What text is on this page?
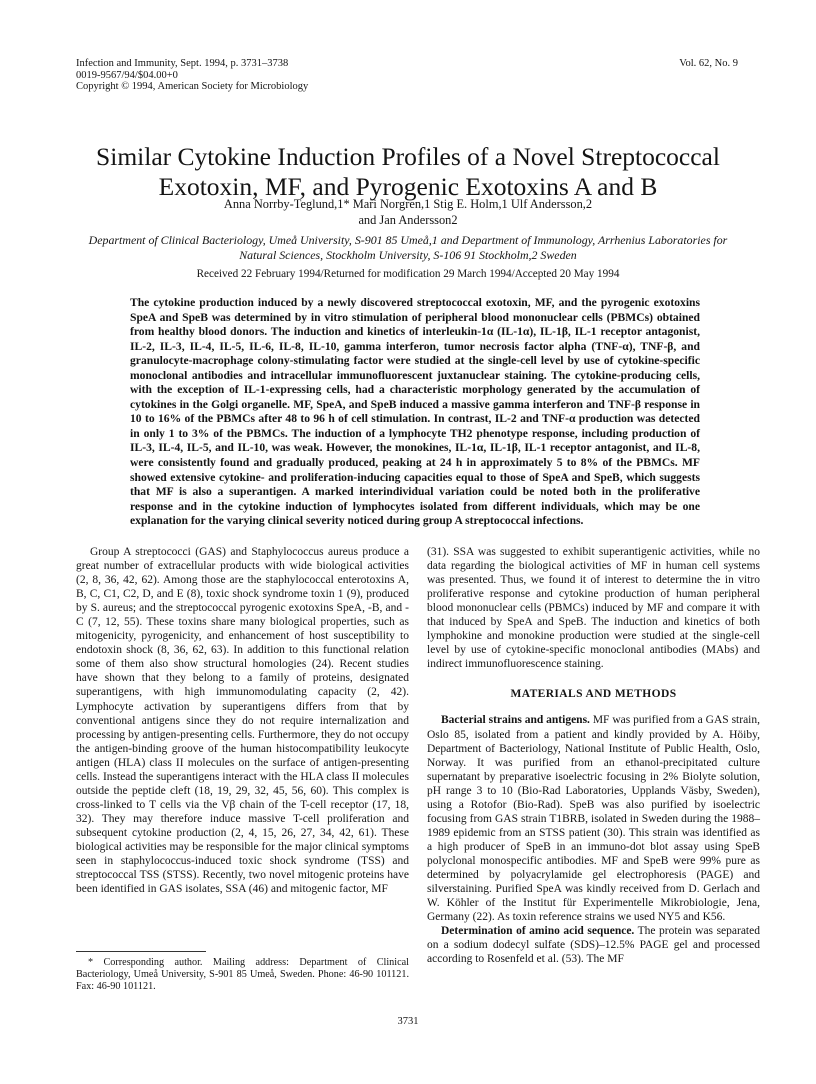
Infection and Immunity, Sept. 1994, p. 3731–3738
0019-9567/94/$04.00+0
Copyright © 1994, American Society for Microbiology
Vol. 62, No. 9
Similar Cytokine Induction Profiles of a Novel Streptococcal Exotoxin, MF, and Pyrogenic Exotoxins A and B
Anna Norrby-Teglund,1* Mari Norgren,1 Stig E. Holm,1 Ulf Andersson,2
and Jan Andersson2
Department of Clinical Bacteriology, Umeå University, S-901 85 Umeå,1 and Department of Immunology, Arrhenius Laboratories for Natural Sciences, Stockholm University, S-106 91 Stockholm,2 Sweden
Received 22 February 1994/Returned for modification 29 March 1994/Accepted 20 May 1994

The cytokine production induced by a newly discovered streptococcal exotoxin, MF, and the pyrogenic exotoxins SpeA and SpeB was determined by in vitro stimulation of peripheral blood mononuclear cells (PBMCs) obtained from healthy blood donors. The induction and kinetics of interleukin-1α (IL-1α), IL-1β, IL-1 receptor antagonist, IL-2, IL-3, IL-4, IL-5, IL-6, IL-8, IL-10, gamma interferon, tumor necrosis factor alpha (TNF-α), TNF-β, and granulocyte-macrophage colony-stimulating factor were studied at the single-cell level by use of cytokine-specific monoclonal antibodies and intracellular immunofluorescent juxtanuclear staining. The cytokine-producing cells, with the exception of IL-1-expressing cells, had a characteristic morphology generated by the accumulation of cytokines in the Golgi organelle. MF, SpeA, and SpeB induced a massive gamma interferon and TNF-β response in 10 to 16% of the PBMCs after 48 to 96 h of cell stimulation. In contrast, IL-2 and TNF-α production was detected in only 1 to 3% of the PBMCs. The induction of a lymphocyte TH2 phenotype response, including production of IL-3, IL-4, IL-5, and IL-10, was weak. However, the monokines, IL-1α, IL-1β, IL-1 receptor antagonist, and IL-8, were consistently found and gradually produced, peaking at 24 h in approximately 5 to 8% of the PBMCs. MF showed extensive cytokine- and proliferation-inducing capacities equal to those of SpeA and SpeB, which suggests that MF is also a superantigen. A marked interindividual variation could be noted both in the proliferative response and in the cytokine induction of lymphocytes isolated from different individuals, which may be one explanation for the varying clinical severity noticed during group A streptococcal infections.

Group A streptococci (GAS) and Staphylococcus aureus produce a great number of extracellular products with wide biological activities (2, 8, 36, 42, 62). Among those are the staphylococcal enterotoxins A, B, C, C1, C2, D, and E (8), toxic shock syndrome toxin 1 (9), produced by S. aureus; and the streptococcal pyrogenic exotoxins SpeA, -B, and -C (7, 12, 55). These toxins share many biological properties, such as mitogenicity, pyrogenicity, and enhancement of host susceptibility to endotoxin shock (8, 36, 62, 63). In addition to this functional relation some of them also show structural homologies (24). Recent studies have shown that they belong to a family of proteins, designated superantigens, with high immunomodulating capacity (2, 42). Lymphocyte activation by superantigens differs from that by conventional antigens since they do not require internalization and processing by antigen-presenting cells. Furthermore, they do not occupy the antigen-binding groove of the human histocompatibility leukocyte antigen (HLA) class II molecules on the surface of antigen-presenting cells. Instead the superantigens interact with the HLA class II molecules outside the peptide cleft (18, 19, 29, 32, 45, 56, 60). This complex is cross-linked to T cells via the Vβ chain of the T-cell receptor (17, 18, 32). They may therefore induce massive T-cell proliferation and subsequent cytokine production (2, 4, 15, 26, 27, 34, 42, 61). These biological activities may be responsible for the major clinical symptoms seen in staphylococcus-induced toxic shock syndrome (TSS) and streptococcal TSS (STSS). Recently, two novel mitogenic proteins have been identified in GAS isolates, SSA (46) and mitogenic factor, MF

(31). SSA was suggested to exhibit superantigenic activities, while no data regarding the biological activities of MF in human cell systems was presented. Thus, we found it of interest to determine the in vitro proliferative response and cytokine production of human peripheral blood mononuclear cells (PBMCs) induced by MF and compare it with that induced by SpeA and SpeB. The induction and kinetics of both lymphokine and monokine production were studied at the single-cell level by use of cytokine-specific monoclonal antibodies (MAbs) and indirect immunofluorescence staining.

MATERIALS AND METHODS

Bacterial strains and antigens. MF was purified from a GAS strain, Oslo 85, isolated from a patient and kindly provided by A. Höiby, Department of Bacteriology, National Institute of Public Health, Oslo, Norway. It was purified from an ethanol-precipitated culture supernatant by preparative isoelectric focusing in 2% Biolyte solution, pH range 3 to 10 (Bio-Rad Laboratories, Upplands Väsby, Sweden), using a Rotofor (Bio-Rad). SpeB was also purified by isoelectric focusing from GAS strain T1BRB, isolated in Sweden during the 1988–1989 epidemic from an STSS patient (30). This strain was identified as a high producer of SpeB in an immuno-dot blot assay using SpeB polyclonal monospecific antibodies. MF and SpeB were 99% pure as determined by polyacrylamide gel electrophoresis (PAGE) and silverstaining. Purified SpeA was kindly received from D. Gerlach and W. Köhler of the Institut für Experimentelle Mikrobiologie, Jena, Germany (22). As toxin reference strains we used NY5 and K56.

Determination of amino acid sequence. The protein was separated on a sodium dodecyl sulfate (SDS)–12.5% PAGE gel and processed according to Rosenfeld et al. (53). The MF

* Corresponding author. Mailing address: Department of Clinical Bacteriology, Umeå University, S-901 85 Umeå, Sweden. Phone: 46-90 101121. Fax: 46-90 101121.
3731
